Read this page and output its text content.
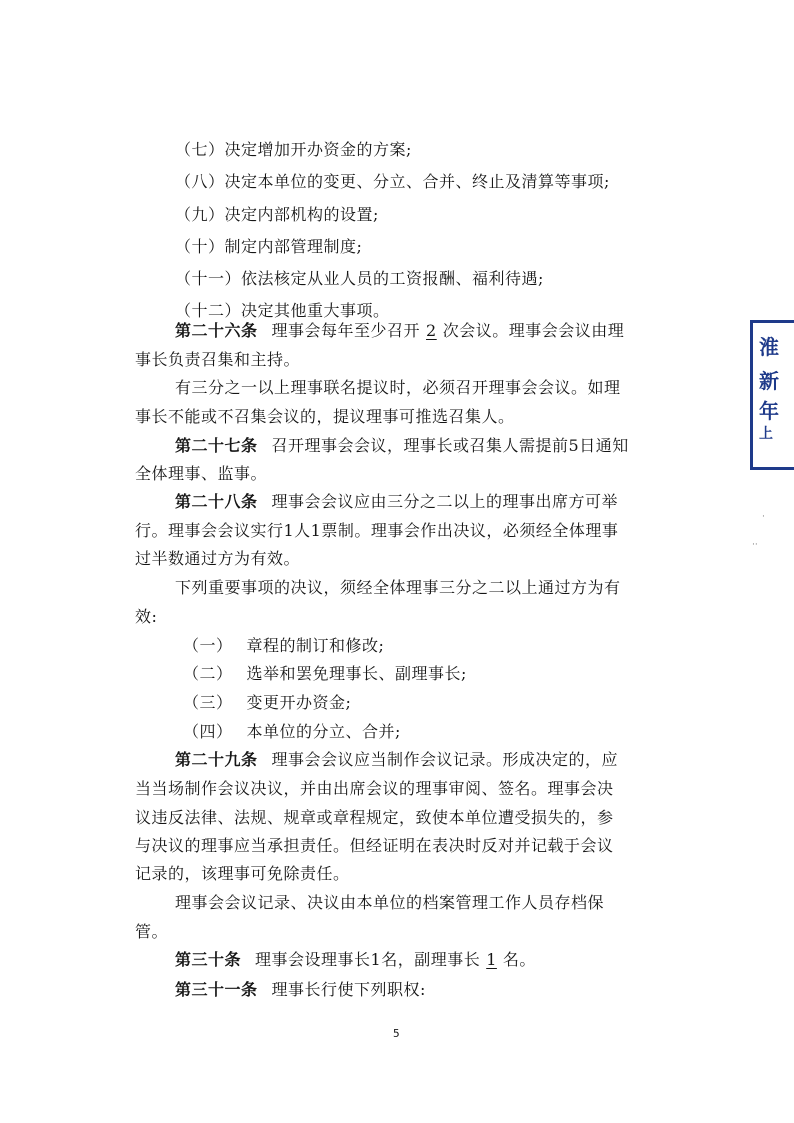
（七）决定增加开办资金的方案;
（八）决定本单位的变更、分立、合并、终止及清算等事项;
（九）决定内部机构的设置;
（十）制定内部管理制度;
（十一）依法核定从业人员的工资报酬、福利待遇;
（十二）决定其他重大事项。
第二十六条 理事会每年至少召开 2 次会议。理事会会议由理
事长负责召集和主持。
有三分之一以上理事联名提议时，必须召开理事会会议。如理
事长不能或不召集会议的，提议理事可推选召集人。
第二十七条 召开理事会会议，理事长或召集人需提前5日通知
全体理事、监事。
第二十八条 理事会会议应由三分之二以上的理事出席方可举
行。理事会会议实行1人1票制。理事会作出决议，必须经全体理事
过半数通过方为有效。
下列重要事项的决议，须经全体理事三分之二以上通过方为有
效:
（一） 章程的制订和修改;
（二） 选举和罢免理事长、副理事长;
（三） 变更开办资金;
（四） 本单位的分立、合并;
第二十九条 理事会会议应当制作会议记录。形成决定的，应
当当场制作会议决议，并由出席会议的理事审阅、签名。理事会决
议违反法律、法规、规章或章程规定，致使本单位遭受损失的，参
与决议的理事应当承担责任。但经证明在表决时反对并记载于会议
记录的，该理事可免除责任。
理事会会议记录、决议由本单位的档案管理工作人员存档保
管。
第三十条 理事会设理事长1名，副理事长 1 名。
第三十一条 理事长行使下列职权:
5
淮
新
年
上
·
··
